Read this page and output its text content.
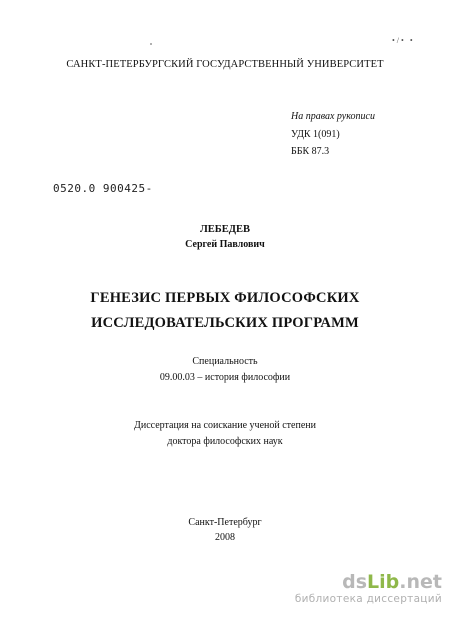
•/• •
САНКТ-ПЕТЕРБУРГСКИЙ ГОСУДАРСТВЕННЫЙ УНИВЕРСИТЕТ
На правах рукописи
УДК 1(091)
ББК 87.3
0520.0 900425-
ЛЕБЕДЕВ
Сергей Павлович
ГЕНЕЗИС ПЕРВЫХ ФИЛОСОФСКИХ
ИССЛЕДОВАТЕЛЬСКИХ ПРОГРАММ
Специальность
09.00.03 – история философии
Диссертация на соискание ученой степени
доктора философских наук
Санкт-Петербург
2008
dsLib.net
библиотека диссертаций
